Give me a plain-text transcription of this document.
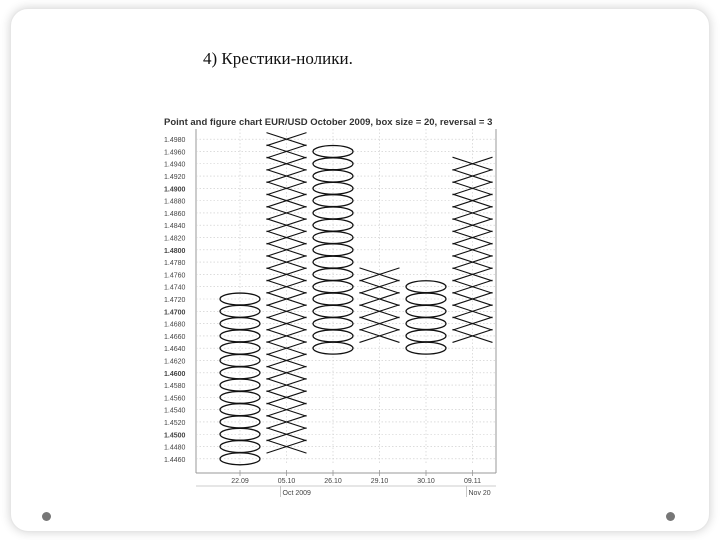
4) Крестики-нолики.
Point and figure chart EUR/USD October 2009, box size = 20, reversal = 3
1.4980
1.4960
1.4940
1.4920
1.4900
1.4880
1.4860
1.4840
1.4820
1.4800
1.4780
1.4760
1.4740
1.4720
1.4700
1.4680
1.4660
1.4640
1.4620
1.4600
1.4580
1.4560
1.4540
1.4520
1.4500
1.4480
1.4460
22.09	05.10	26.10	29.10	30.10	09.11
Oct 2009	Nov 20
